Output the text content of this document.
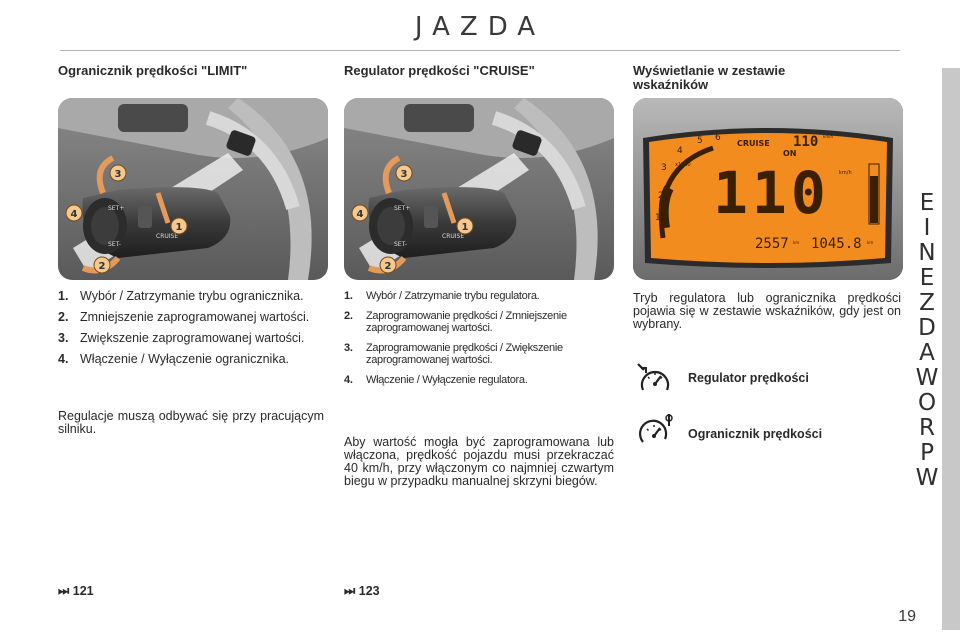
JAZDA
E
I
N
E
Z
D
A
W
O
R
P
W
Ogranicznik prędkości "LIMIT"
SET+
SET-
CRUISE
3
4
1
2
1. Wybór / Zatrzymanie trybu ogranicznika.
2. Zmniejszenie zaprogramowanej wartości.
3. Zwiększenie zaprogramowanej wartości.
4. Włączenie / Wyłączenie ogranicznika.
Regulacje muszą odbywać się przy pracującym silniku.
⏭ 121
Regulator prędkości "CRUISE"
SET+
SET-
CRUISE
3
4
1
2
1. Wybór / Zatrzymanie trybu regulatora.
2. Zaprogramowanie prędkości / Zmniejszenie zaprogramowanej wartości.
3. Zaprogramowanie prędkości / Zwiększenie zaprogramowanej wartości.
4. Włączenie / Wyłączenie regulatora.
Aby wartość mogła być zaprogramowana lub włączona, prędkość pojazdu musi przekraczać 40 km/h, przy włączonym co najmniej czwartym biegu w przypadku manualnej skrzyni biegów.
⏭ 123
Wyświetlanie w zestawie wskaźników
2
1
3
4
5 6
x1000
CRUISE
ON
110 km/h
110 km/h
2557 km 1045.8 km
Tryb regulatora lub ogranicznika prędkości pojawia się w zestawie wskaźników, gdy jest on wybrany.
Regulator prędkości
Ogranicznik prędkości
19
